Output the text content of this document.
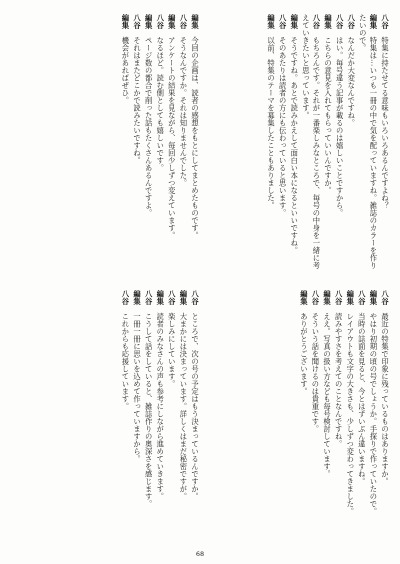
八谷　特集に持たせてる意味もいろいろあるんですよね？
編集　特集は…いつも一冊の中で気を配っていますね。雑誌のカラーを作りたいので。
八谷　なんだか大変なんですね。
八谷　はい。毎号違う記事が載るのは嬉しいことですから。
編集　こちらの意見を入れてもらっていいんですか。
八谷　もちろんです。それが一番楽しみなところで、毎号の中身を一緒に考えていきたいと思っています。
編集　そうですね。あとで読みかえして面白い本になるといいですね。
八谷　そのあたりは読者の方にも伝わっていると思います。
編集　以前、特集のテーマを募集したこともありました。
編集　今回の企画は、読者の感想をもとにしてまとめたものです。
八谷　そうなんですか。それは知りませんでした。
編集　アンケートの結果を見ながら、毎回少しずつ変えています。
八谷　なるほど。読む側としても嬉しいです。
編集　ページ数の都合で削った話もたくさんあるんですよ。
八谷　それはまたどこかで読みたいですね。
編集　機会があればぜひ。
八谷　最近の特集で印象に残っているものはありますか。
編集　やはり初期の頃の号でしょうか。手探りで作っていたので。
八谷　当時の誌面を見ると、今とはずいぶん違いますね。
編集　レイアウトも文字の大きさも、少しずつ変わってきました。
八谷　読みやすさを考えてのことなんですね。
編集　ええ。写真の扱い方なども毎号検討しています。
八谷　そういう話を聞けるのは貴重です。
編集　ありがとうございます。
八谷　ところで、次の号の予定はもう決まっているんですか。
編集　大まかには決まっています。詳しくはまだ秘密ですが。
八谷　楽しみにしています。
編集　読者のみなさんの声も参考にしながら進めていきます。
八谷　こうして話をしていると、雑誌作りの奥深さを感じます。
編集　一冊一冊に思いを込めて作っていますから。
八谷　これからも応援しています。
68
